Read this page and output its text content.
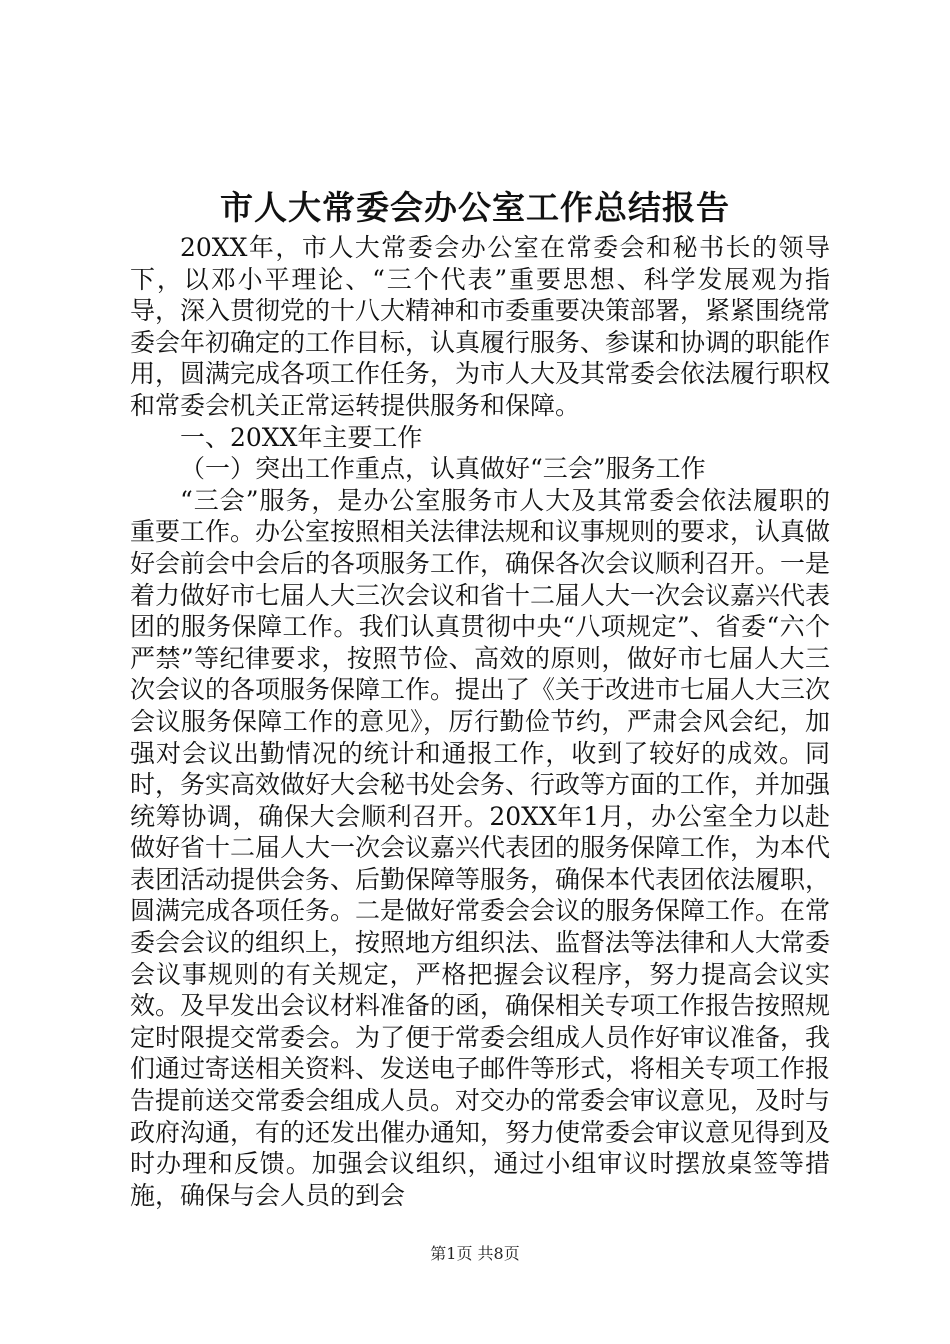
市人大常委会办公室工作总结报告

20XX年，市人大常委会办公室在常委会和秘书长的领导下，以邓小平理论、“三个代表”重要思想、科学发展观为指导，深入贯彻党的十八大精神和市委重要决策部署，紧紧围绕常委会年初确定的工作目标，认真履行服务、参谋和协调的职能作用，圆满完成各项工作任务，为市人大及其常委会依法履行职权和常委会机关正常运转提供服务和保障。

一、20XX年主要工作

（一）突出工作重点，认真做好“三会”服务工作

“三会”服务，是办公室服务市人大及其常委会依法履职的重要工作。办公室按照相关法律法规和议事规则的要求，认真做好会前会中会后的各项服务工作，确保各次会议顺利召开。一是着力做好市七届人大三次会议和省十二届人大一次会议嘉兴代表团的服务保障工作。我们认真贯彻中央“八项规定”、省委“六个严禁”等纪律要求，按照节俭、高效的原则，做好市七届人大三次会议的各项服务保障工作。提出了《关于改进市七届人大三次会议服务保障工作的意见》，厉行勤俭节约，严肃会风会纪，加强对会议出勤情况的统计和通报工作，收到了较好的成效。同时，务实高效做好大会秘书处会务、行政等方面的工作，并加强统筹协调，确保大会顺利召开。20XX年1月，办公室全力以赴做好省十二届人大一次会议嘉兴代表团的服务保障工作，为本代表团活动提供会务、后勤保障等服务，确保本代表团依法履职，圆满完成各项任务。二是做好常委会会议的服务保障工作。在常委会会议的组织上，按照地方组织法、监督法等法律和人大常委会议事规则的有关规定，严格把握会议程序，努力提高会议实效。及早发出会议材料准备的函，确保相关专项工作报告按照规定时限提交常委会。为了便于常委会组成人员作好审议准备，我们通过寄送相关资料、发送电子邮件等形式，将相关专项工作报告提前送交常委会组成人员。对交办的常委会审议意见，及时与政府沟通，有的还发出催办通知，努力使常委会审议意见得到及时办理和反馈。加强会议组织，通过小组审议时摆放桌签等措施，确保与会人员的到会

第1页 共8页
